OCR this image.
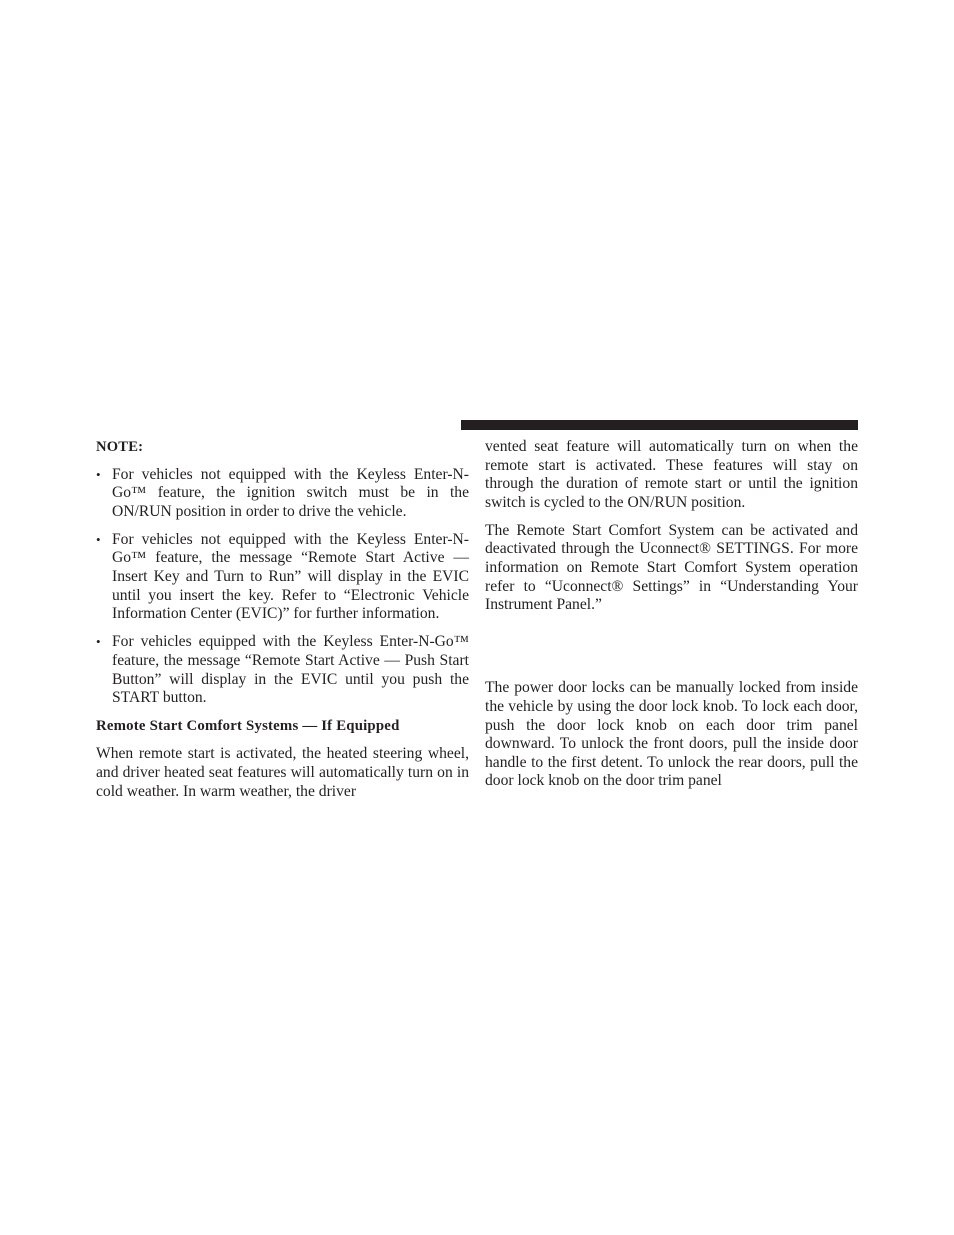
NOTE:

• For vehicles not equipped with the Keyless Enter-N-Go™ feature, the ignition switch must be in the ON/RUN position in order to drive the vehicle.
• For vehicles not equipped with the Keyless Enter-N-Go™ feature, the message “Remote Start Active — Insert Key and Turn to Run” will display in the EVIC until you insert the key. Refer to “Electronic Vehicle Information Center (EVIC)” for further information.
• For vehicles equipped with the Keyless Enter-N-Go™ feature, the message “Remote Start Active — Push Start Button” will display in the EVIC until you push the START button.

Remote Start Comfort Systems — If Equipped

When remote start is activated, the heated steering wheel, and driver heated seat features will automatically turn on in cold weather. In warm weather, the driver

vented seat feature will automatically turn on when the remote start is activated. These features will stay on through the duration of remote start or until the ignition switch is cycled to the ON/RUN position.

The Remote Start Comfort System can be activated and deactivated through the Uconnect® SETTINGS. For more information on Remote Start Comfort System operation refer to “Uconnect® Settings” in “Understanding Your Instrument Panel.”

The power door locks can be manually locked from inside the vehicle by using the door lock knob. To lock each door, push the door lock knob on each door trim panel downward. To unlock the front doors, pull the inside door handle to the first detent. To unlock the rear doors, pull the door lock knob on the door trim panel
